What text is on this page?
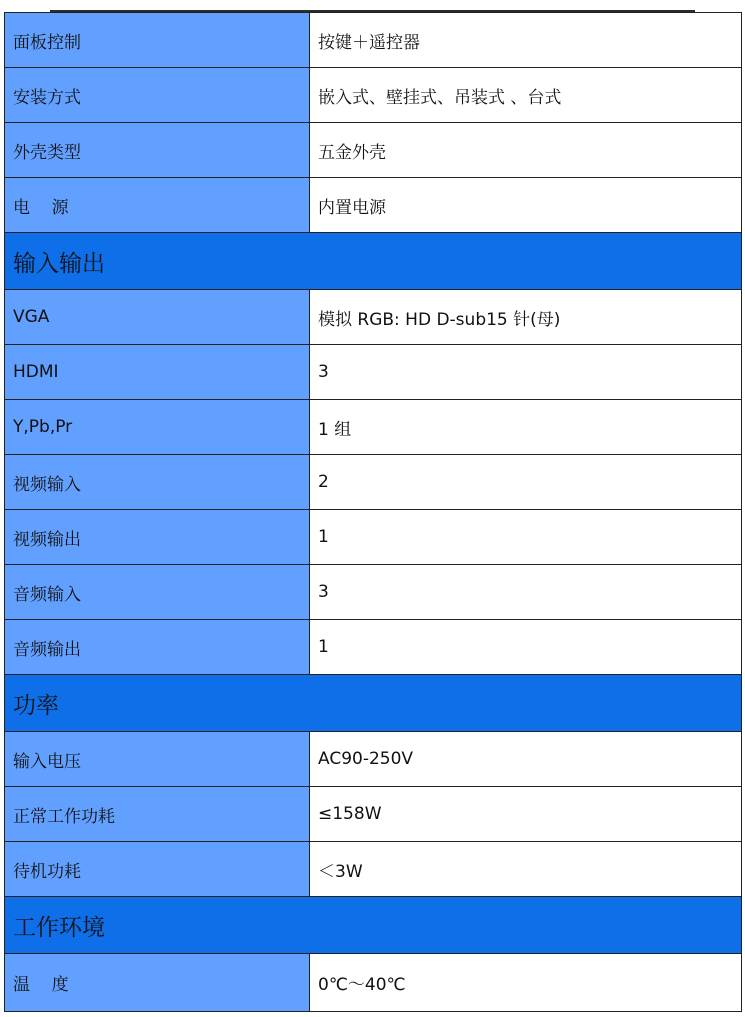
面板控制	按键＋遥控器
安装方式	嵌入式、壁挂式、吊装式 、台式
外壳类型	五金外壳
电    源	内置电源
输入输出
VGA	模拟 RGB: HD D-sub15 针(母)
HDMI	3
Y,Pb,Pr	1 组
视频输入	2
视频输出	1
音频输入	3
音频输出	1
功率
输入电压	AC90-250V
正常工作功耗	≤158W
待机功耗	＜3W
工作环境
温    度	0℃～40℃
